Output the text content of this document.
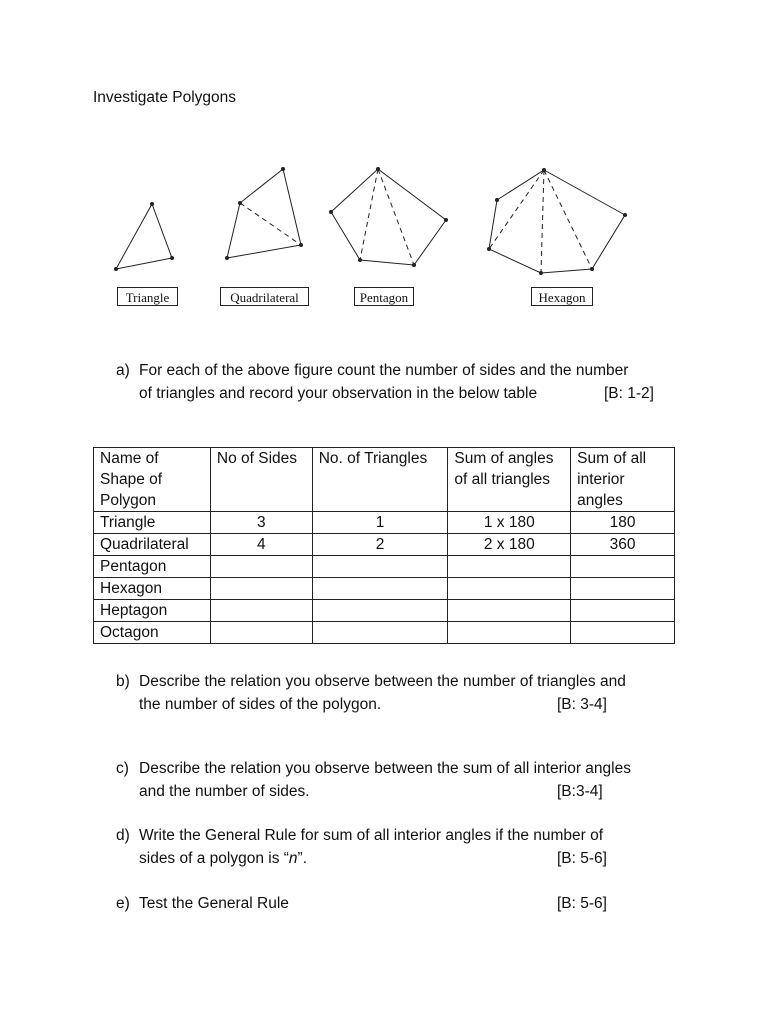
Investigate Polygons
Triangle	Quadrilateral	Pentagon	Hexagon
a) For each of the above figure count the number of sides and the number
of triangles and record your observation in the below table	[B: 1-2]
Name of Shape of Polygon	No of Sides	No. of Triangles	Sum of angles of all triangles	Sum of all interior angles
Triangle	3	1	1 x 180	180
Quadrilateral	4	2	2 x 180	360
Pentagon				
Hexagon				
Heptagon				
Octagon				
b) Describe the relation you observe between the number of triangles and
the number of sides of the polygon.	[B: 3-4]
c) Describe the relation you observe between the sum of all interior angles
and the number of sides.	[B:3-4]
d) Write the General Rule for sum of all interior angles if the number of
sides of a polygon is “n”.	[B: 5-6]
e) Test the General Rule	[B: 5-6]
